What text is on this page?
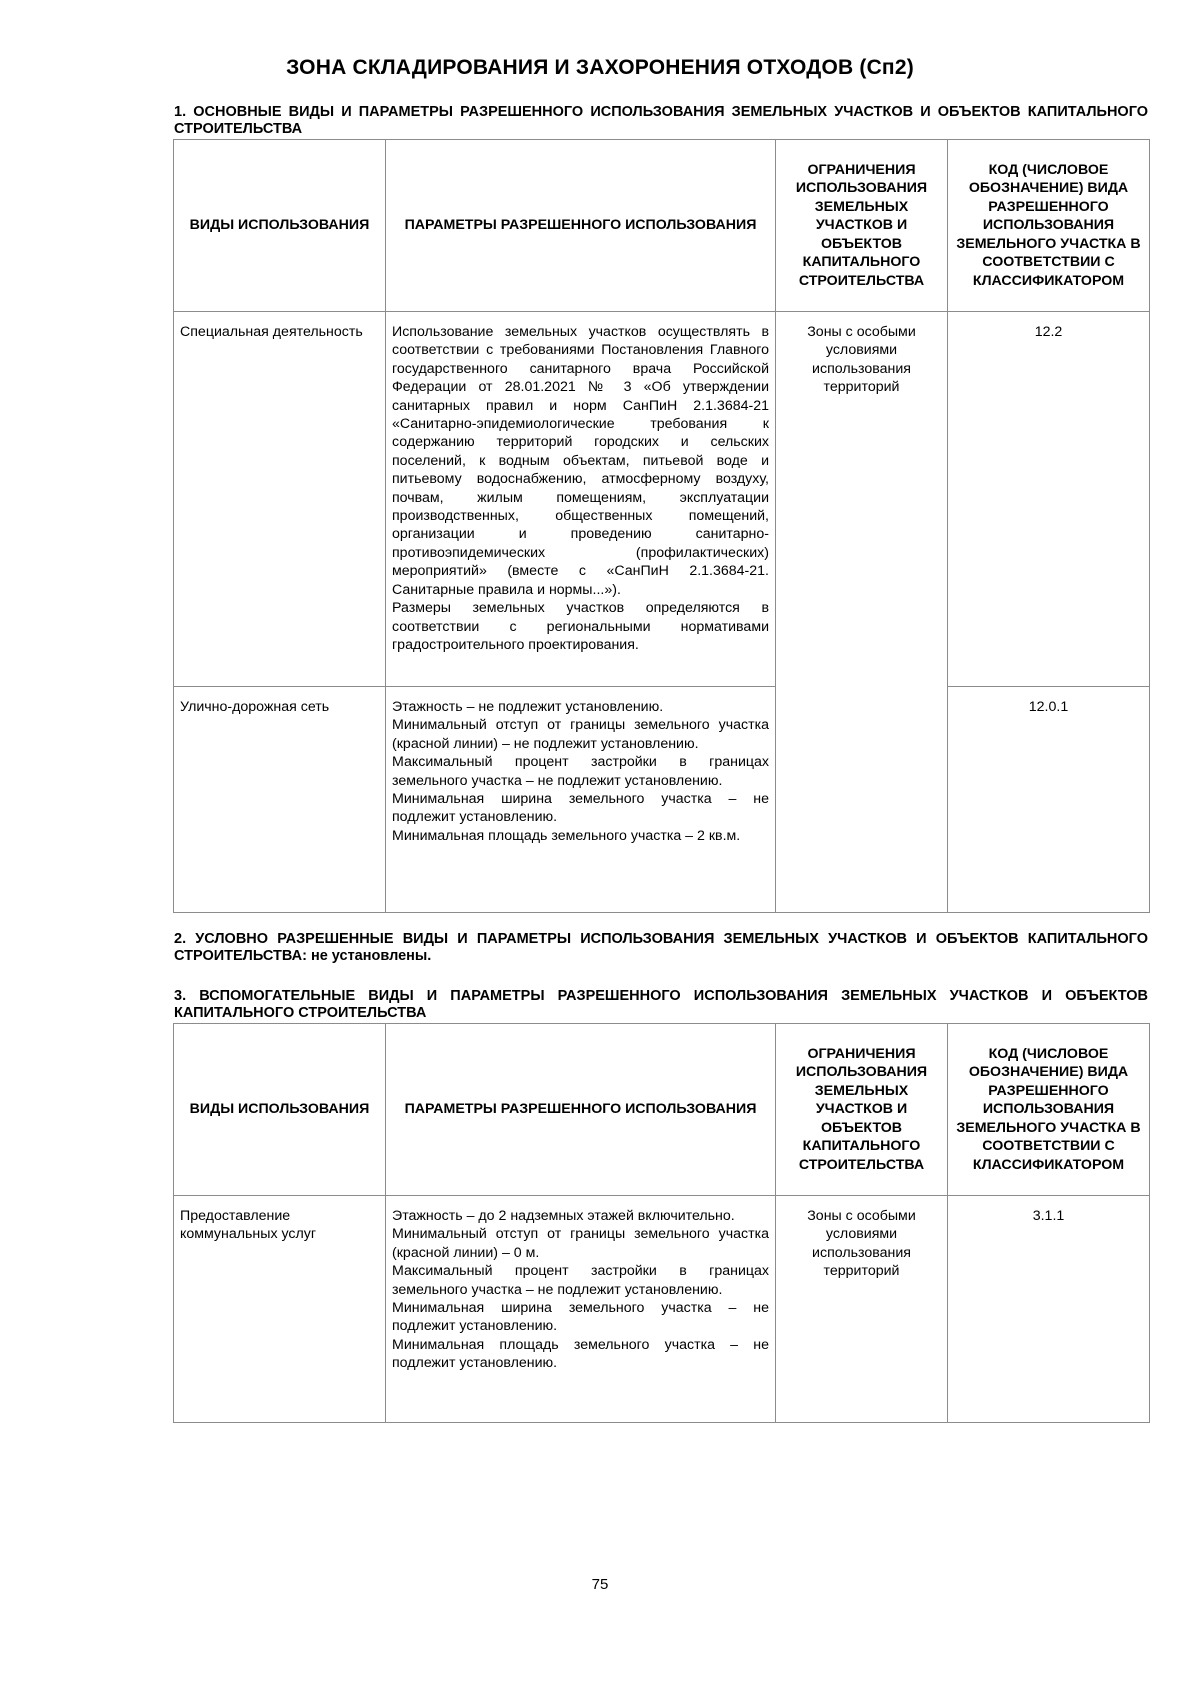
ЗОНА СКЛАДИРОВАНИЯ И ЗАХОРОНЕНИЯ ОТХОДОВ (Сп2)
1. ОСНОВНЫЕ ВИДЫ И ПАРАМЕТРЫ РАЗРЕШЕННОГО ИСПОЛЬЗОВАНИЯ ЗЕМЕЛЬНЫХ УЧАСТКОВ И ОБЪЕКТОВ КАПИТАЛЬНОГО СТРОИТЕЛЬСТВА
ВИДЫ ИСПОЛЬЗОВАНИЯ	ПАРАМЕТРЫ РАЗРЕШЕННОГО ИСПОЛЬЗОВАНИЯ	ОГРАНИЧЕНИЯ ИСПОЛЬЗОВАНИЯ ЗЕМЕЛЬНЫХ УЧАСТКОВ И ОБЪЕКТОВ КАПИТАЛЬНОГО СТРОИТЕЛЬСТВА	КОД (ЧИСЛОВОЕ ОБОЗНАЧЕНИЕ) ВИДА РАЗРЕШЕННОГО ИСПОЛЬЗОВАНИЯ ЗЕМЕЛЬНОГО УЧАСТКА В СООТВЕТСТВИИ С КЛАССИФИКАТОРОМ
Специальная деятельность	Использование земельных участков осуществлять в соответствии с требованиями Постановления Главного государственного санитарного врача Российской Федерации от 28.01.2021 № 3 «Об утверждении санитарных правил и норм СанПиН 2.1.3684-21 «Санитарно-эпидемиологические требования к содержанию территорий городских и сельских поселений, к водным объектам, питьевой воде и питьевому водоснабжению, атмосферному воздуху, почвам, жилым помещениям, эксплуатации производственных, общественных помещений, организации и проведению санитарно-противоэпидемических (профилактических) мероприятий» (вместе с «СанПиН 2.1.3684-21. Санитарные правила и нормы...»).

Размеры земельных участков определяются в соответствии с региональными нормативами градостроительного проектирования.	Зоны с особыми условиями использования территорий	12.2
Улично-дорожная сеть	Этажность – не подлежит установлению.

Минимальный отступ от границы земельного участка (красной линии) – не подлежит установлению.

Максимальный процент застройки в границах земельного участка – не подлежит установлению.

Минимальная ширина земельного участка – не подлежит установлению.

Минимальная площадь земельного участка – 2 кв.м.		12.0.1
2. УСЛОВНО РАЗРЕШЕННЫЕ ВИДЫ И ПАРАМЕТРЫ ИСПОЛЬЗОВАНИЯ ЗЕМЕЛЬНЫХ УЧАСТКОВ И ОБЪЕКТОВ КАПИТАЛЬНОГО СТРОИТЕЛЬСТВА: не установлены.
3. ВСПОМОГАТЕЛЬНЫЕ ВИДЫ И ПАРАМЕТРЫ РАЗРЕШЕННОГО ИСПОЛЬЗОВАНИЯ ЗЕМЕЛЬНЫХ УЧАСТКОВ И ОБЪЕКТОВ КАПИТАЛЬНОГО СТРОИТЕЛЬСТВА
ВИДЫ ИСПОЛЬЗОВАНИЯ	ПАРАМЕТРЫ РАЗРЕШЕННОГО ИСПОЛЬЗОВАНИЯ	ОГРАНИЧЕНИЯ ИСПОЛЬЗОВАНИЯ ЗЕМЕЛЬНЫХ УЧАСТКОВ И ОБЪЕКТОВ КАПИТАЛЬНОГО СТРОИТЕЛЬСТВА	КОД (ЧИСЛОВОЕ ОБОЗНАЧЕНИЕ) ВИДА РАЗРЕШЕННОГО ИСПОЛЬЗОВАНИЯ ЗЕМЕЛЬНОГО УЧАСТКА В СООТВЕТСТВИИ С КЛАССИФИКАТОРОМ
Предоставление коммунальных услуг	Этажность – до 2 надземных этажей включительно.

Минимальный отступ от границы земельного участка (красной линии) – 0 м.

Максимальный процент застройки в границах земельного участка – не подлежит установлению.

Минимальная ширина земельного участка – не подлежит установлению.

Минимальная площадь земельного участка – не подлежит установлению.	Зоны с особыми условиями использования территорий	3.1.1
75
